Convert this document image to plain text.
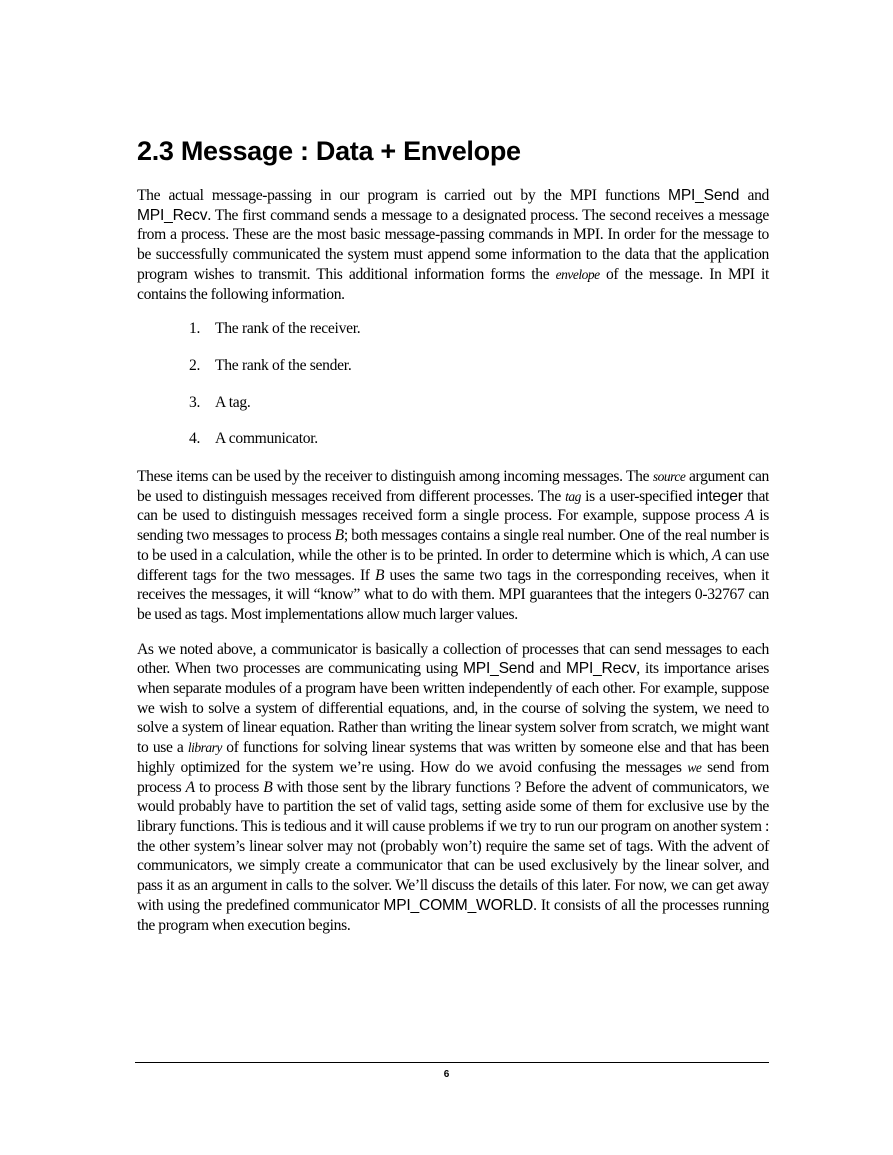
2.3 Message : Data + Envelope

The actual message-passing in our program is carried out by the MPI functions MPI_Send and MPI_Recv. The first command sends a message to a designated process. The second receives a message from a process. These are the most basic message-passing commands in MPI. In order for the message to be successfully communicated the system must append some information to the data that the application program wishes to transmit. This additional information forms the envelope of the message. In MPI it contains the following information.

1. The rank of the receiver.
2. The rank of the sender.
3. A tag.
4. A communicator.

These items can be used by the receiver to distinguish among incoming messages. The source argument can be used to distinguish messages received from different processes. The tag is a user-specified integer that can be used to distinguish messages received form a single process. For example, suppose process A is sending two messages to process B; both messages contains a single real number. One of the real number is to be used in a calculation, while the other is to be printed. In order to determine which is which, A can use different tags for the two messages. If B uses the same two tags in the corresponding receives, when it receives the messages, it will “know” what to do with them. MPI guarantees that the integers 0-32767 can be used as tags. Most implementations allow much larger values.

As we noted above, a communicator is basically a collection of processes that can send messages to each other. When two processes are communicating using MPI_Send and MPI_Recv, its importance arises when separate modules of a program have been written independently of each other. For example, suppose we wish to solve a system of differential equations, and, in the course of solving the system, we need to solve a system of linear equation. Rather than writing the linear system solver from scratch, we might want to use a library of functions for solving linear systems that was written by someone else and that has been highly optimized for the system we’re using. How do we avoid confusing the messages we send from process A to process B with those sent by the library functions ? Before the advent of communicators, we would probably have to partition the set of valid tags, setting aside some of them for exclusive use by the library functions. This is tedious and it will cause problems if we try to run our program on another system : the other system’s linear solver may not (probably won’t) require the same set of tags. With the advent of communicators, we simply create a communicator that can be used exclusively by the linear solver, and pass it as an argument in calls to the solver. We’ll discuss the details of this later. For now, we can get away with using the predefined communicator MPI_COMM_WORLD. It consists of all the processes running the program when execution begins.

6
